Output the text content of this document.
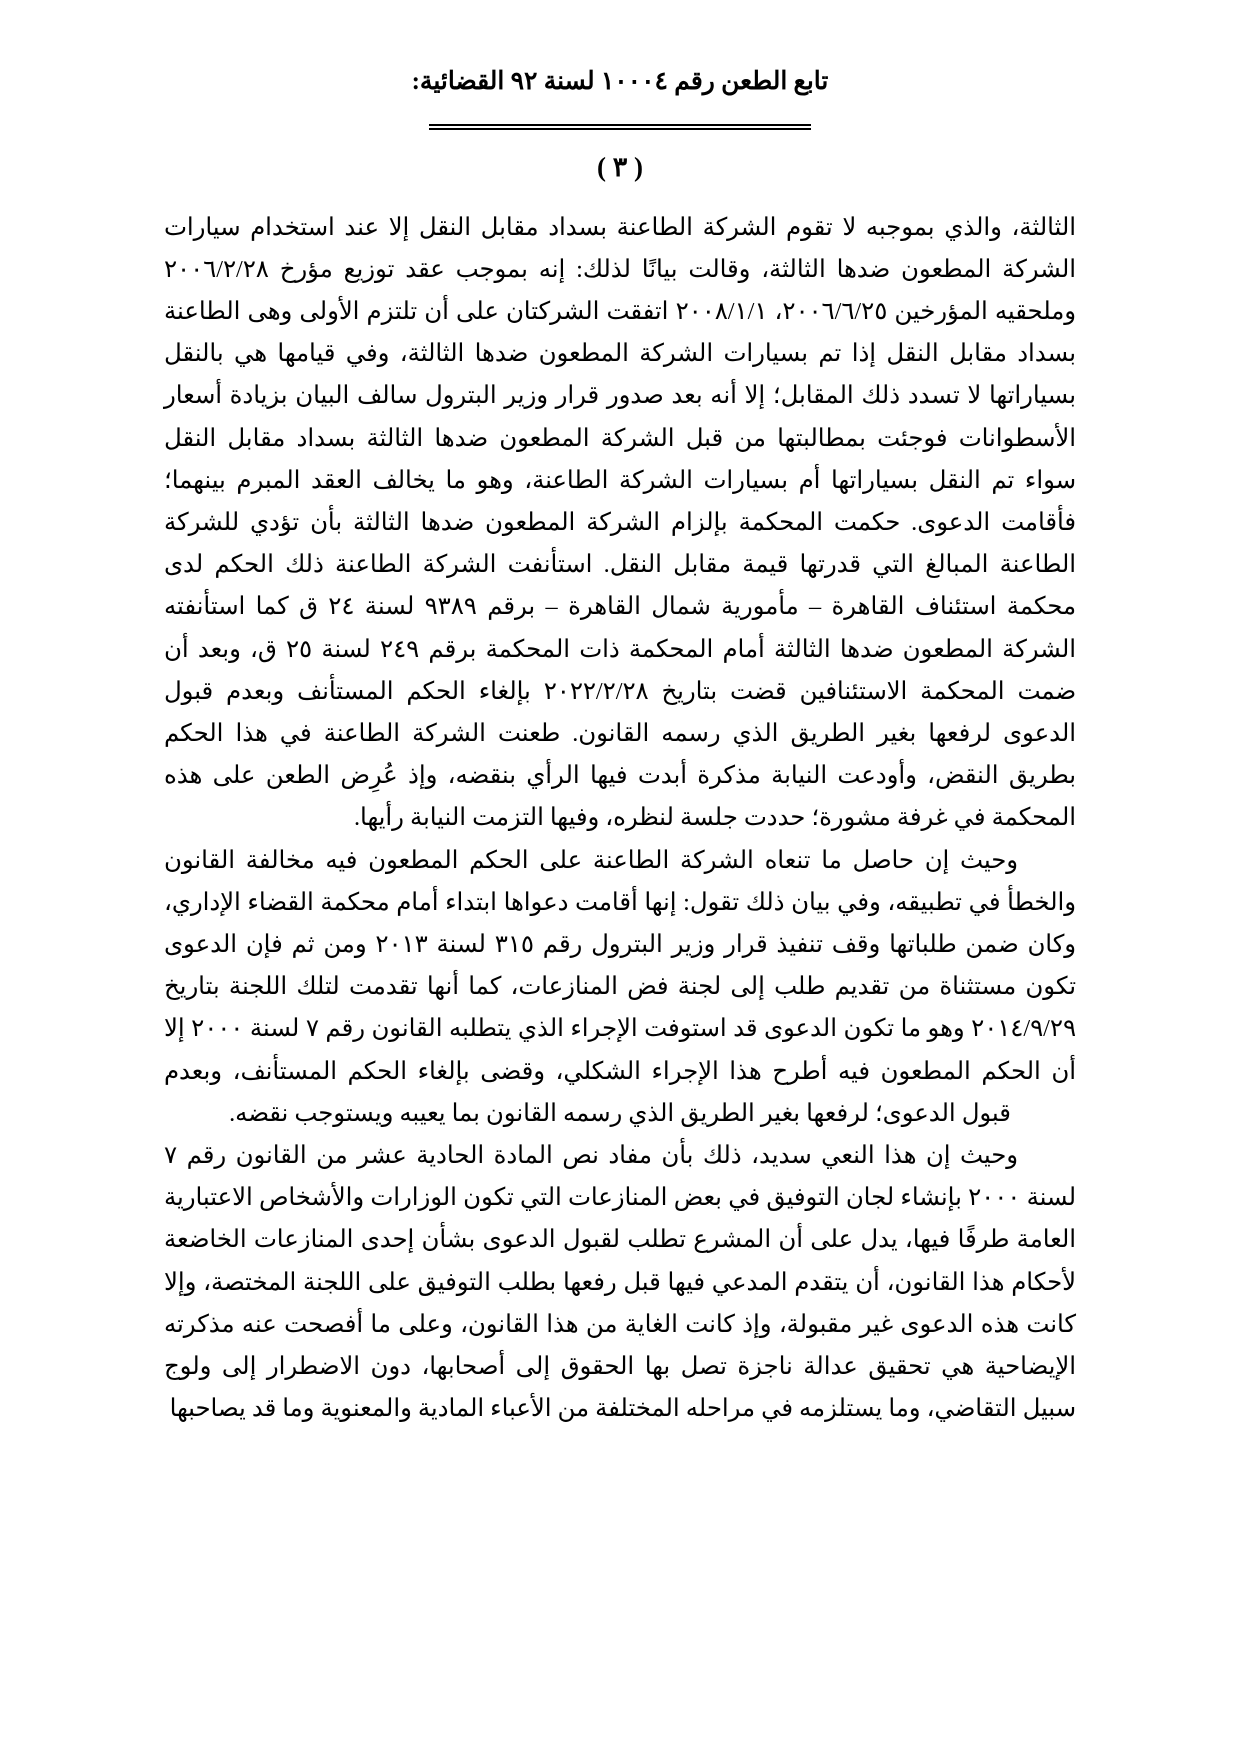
تابع الطعن رقم ١٠٠٠٤ لسنة ٩٢ القضائية:
( ٣ )

الثالثة، والذي بموجبه لا تقوم الشركة الطاعنة بسداد مقابل النقل إلا عند استخدام سيارات الشركة المطعون ضدها الثالثة، وقالت بيانًا لذلك: إنه بموجب عقد توزيع مؤرخ ٢٠٠٦/٢/٢٨ وملحقيه المؤرخين ٢٠٠٦/٦/٢٥، ٢٠٠٨/١/١ اتفقت الشركتان على أن تلتزم الأولى وهى الطاعنة بسداد مقابل النقل إذا تم بسيارات الشركة المطعون ضدها الثالثة، وفي قيامها هي بالنقل بسياراتها لا تسدد ذلك المقابل؛ إلا أنه بعد صدور قرار وزير البترول سالف البيان بزيادة أسعار الأسطوانات فوجئت بمطالبتها من قبل الشركة المطعون ضدها الثالثة بسداد مقابل النقل سواء تم النقل بسياراتها أم بسيارات الشركة الطاعنة، وهو ما يخالف العقد المبرم بينهما؛ فأقامت الدعوى. حكمت المحكمة بإلزام الشركة المطعون ضدها الثالثة بأن تؤدي للشركة الطاعنة المبالغ التي قدرتها قيمة مقابل النقل. استأنفت الشركة الطاعنة ذلك الحكم لدى محكمة استئناف القاهرة – مأمورية شمال القاهرة – برقم ٩٣٨٩ لسنة ٢٤ ق كما استأنفته الشركة المطعون ضدها الثالثة أمام المحكمة ذات المحكمة برقم ٢٤٩ لسنة ٢٥ ق، وبعد أن ضمت المحكمة الاستئنافين قضت بتاريخ ٢٠٢٢/٢/٢٨ بإلغاء الحكم المستأنف وبعدم قبول الدعوى لرفعها بغير الطريق الذي رسمه القانون. طعنت الشركة الطاعنة في هذا الحكم بطريق النقض، وأودعت النيابة مذكرة أبدت فيها الرأي بنقضه، وإذ عُرِض الطعن على هذه المحكمة في غرفة مشورة؛ حددت جلسة لنظره، وفيها التزمت النيابة رأيها.

وحيث إن حاصل ما تنعاه الشركة الطاعنة على الحكم المطعون فيه مخالفة القانون والخطأ في تطبيقه، وفي بيان ذلك تقول: إنها أقامت دعواها ابتداء أمام محكمة القضاء الإداري، وكان ضمن طلباتها وقف تنفيذ قرار وزير البترول رقم ٣١٥ لسنة ٢٠١٣ ومن ثم فإن الدعوى تكون مستثناة من تقديم طلب إلى لجنة فض المنازعات، كما أنها تقدمت لتلك اللجنة بتاريخ ٢٠١٤/٩/٢٩ وهو ما تكون الدعوى قد استوفت الإجراء الذي يتطلبه القانون رقم ٧ لسنة ٢٠٠٠ إلا أن الحكم المطعون فيه أطرح هذا الإجراء الشكلي، وقضى بإلغاء الحكم المستأنف، وبعدم قبول الدعوى؛ لرفعها بغير الطريق الذي رسمه القانون بما يعيبه ويستوجب نقضه.

وحيث إن هذا النعي سديد، ذلك بأن مفاد نص المادة الحادية عشر من القانون رقم ٧ لسنة ٢٠٠٠ بإنشاء لجان التوفيق في بعض المنازعات التي تكون الوزارات والأشخاص الاعتبارية العامة طرفًا فيها، يدل على أن المشرع تطلب لقبول الدعوى بشأن إحدى المنازعات الخاضعة لأحكام هذا القانون، أن يتقدم المدعي فيها قبل رفعها بطلب التوفيق على اللجنة المختصة، وإلا كانت هذه الدعوى غير مقبولة، وإذ كانت الغاية من هذا القانون، وعلى ما أفصحت عنه مذكرته الإيضاحية هي تحقيق عدالة ناجزة تصل بها الحقوق إلى أصحابها، دون الاضطرار إلى ولوج سبيل التقاضي، وما يستلزمه في مراحله المختلفة من الأعباء المادية والمعنوية وما قد يصاحبها
